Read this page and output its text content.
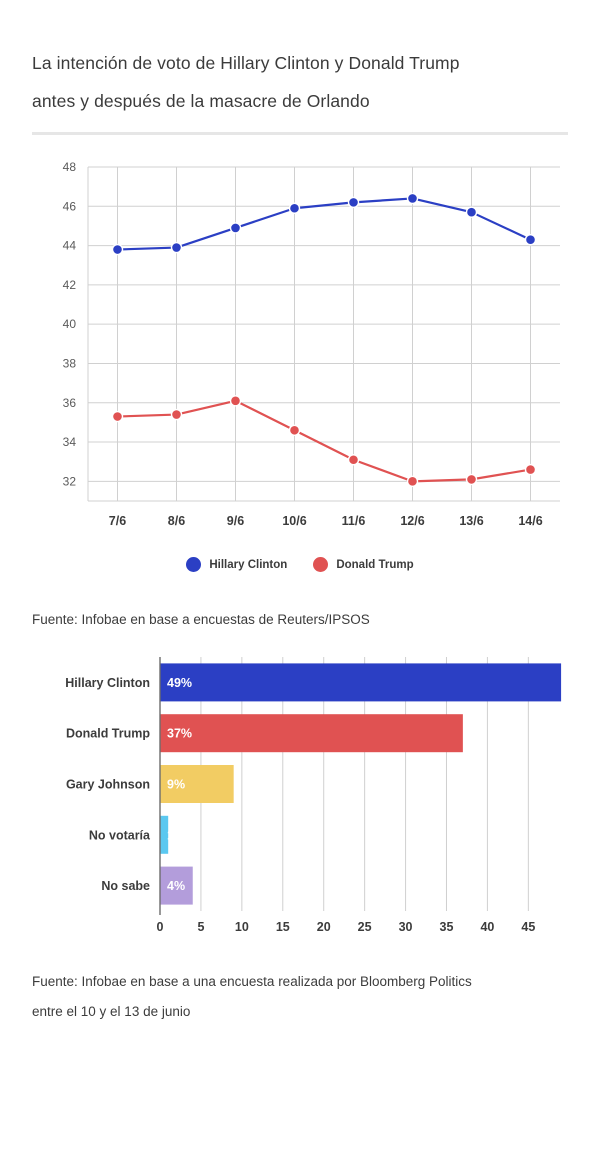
La intención de voto de Hillary Clinton y Donald Trump
antes y después de la masacre de Orlando
32
34
36
38
40
42
44
46
48
7/6	8/6	9/6	10/6	11/6	12/6	13/6	14/6
Hillary Clinton	Donald Trump
Fuente: Infobae en base a encuestas de Reuters/IPSOS
0	5 10 15 20 25 30 35 40 45
Hillary Clinton 49%
Donald Trump 37%
Gary Johnson 9%
No votaría 1%
No sabe 4%
Fuente: Infobae en base a una encuesta realizada por Bloomberg Politics
entre el 10 y el 13 de junio
